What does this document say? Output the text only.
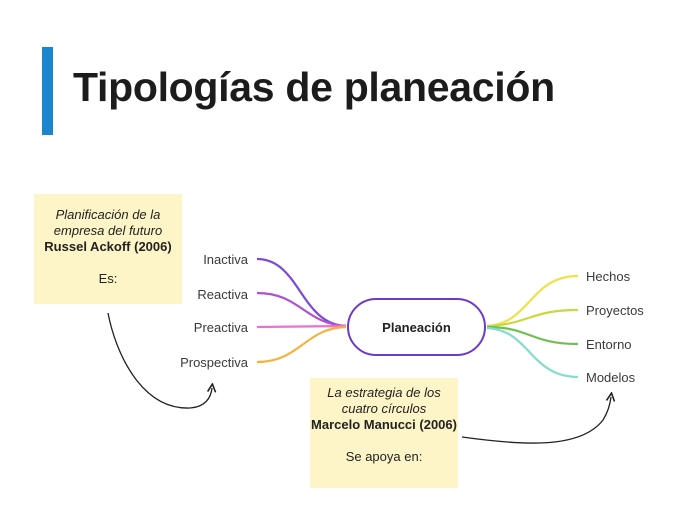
Tipologías de planeación
Planificación de la empresa del futuro
Russel Ackoff (2006)
Es:
La estrategia de los cuatro círculos
Marcelo Manucci (2006)
Se apoya en:
Inactiva
Reactiva
Preactiva
Prospectiva
Planeación
Hechos
Proyectos
Entorno
Modelos
